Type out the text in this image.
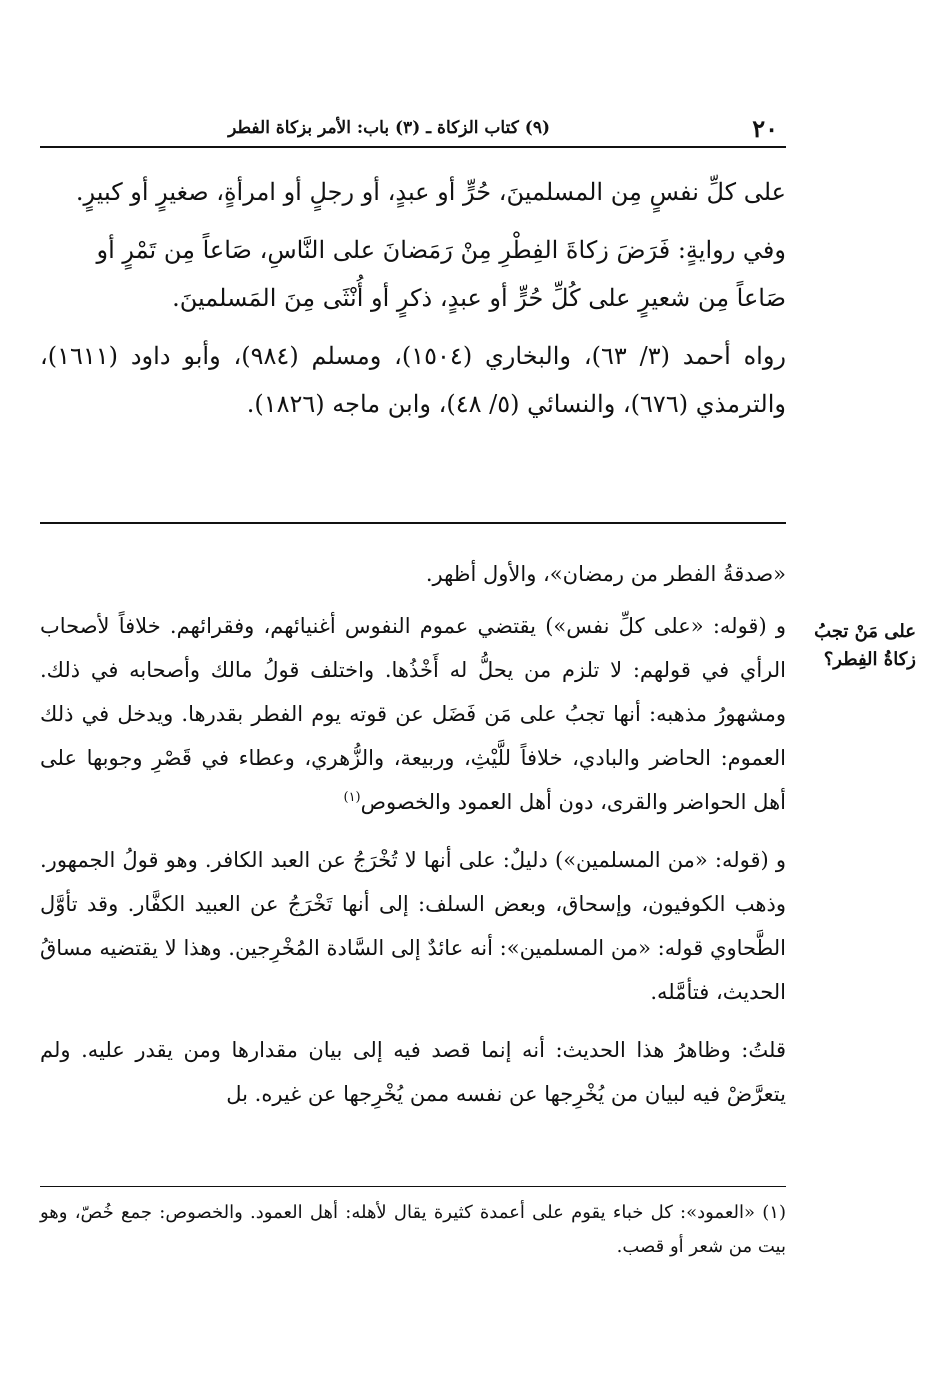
٢٠
(٩) كتاب الزكاة ـ (٣) باب: الأمر بزكاة الفطر

على كلِّ نفسٍ مِن المسلمينَ، حُرٍّ أو عبدٍ، أو رجلٍ أو امرأةٍ، صغيرٍ أو كبيرٍ.

وفي روايةٍ: فَرَضَ زكاةَ الفِطْرِ مِنْ رَمَضانَ على النَّاسِ، صَاعاً مِن تَمْرٍ أو صَاعاً مِن شعيرٍ على كُلِّ حُرٍّ أو عبدٍ، ذكرٍ أو أُنْثَى مِنَ المَسلمينَ.

رواه أحمد (٣/ ٦٣)، والبخاري (١٥٠٤)، ومسلم (٩٨٤)، وأبو داود (١٦١١)، والترمذي (٦٧٦)، والنسائي (٥/ ٤٨)، وابن ماجه (١٨٢٦).

على مَنْ تجبُ زكاةُ الفِطر؟

«صدقةُ الفطر من رمضان»، والأول أظهر.

و (قوله: «على كلِّ نفس») يقتضي عموم النفوس أغنيائهم، وفقرائهم. خلافاً لأصحاب الرأي في قولهم: لا تلزم من يحلُّ له أَخْذُها. واختلف قولُ مالك وأصحابه في ذلك. ومشهورُ مذهبه: أنها تجبُ على مَن فَضَل عن قوته يوم الفطر بقدرها. ويدخل في ذلك العموم: الحاضر والبادي، خلافاً للَّيْثِ، وربيعة، والزُّهري، وعطاء في قَصْرِ وجوبها على أهل الحواضر والقرى، دون أهل العمود والخصوص$^{(١)}$

و (قوله: «من المسلمين») دليلٌ: على أنها لا تُخْرَجُ عن العبد الكافر. وهو قولُ الجمهور. وذهب الكوفيون، وإسحاق، وبعض السلف: إلى أنها تَخْرَجُ عن العبيد الكفَّار. وقد تأوَّل الطَّحاوي قوله: «من المسلمين»: أنه عائدٌ إلى السَّادة المُخْرِجين. وهذا لا يقتضيه مساقُ الحديث، فتأمَّله.

قلتُ: وظاهرُ هذا الحديث: أنه إنما قصد فيه إلى بيان مقدارها ومن يقدر عليه. ولم يتعرَّضْ فيه لبيان من يُخْرِجها عن نفسه ممن يُخْرِجها عن غيره. بل

(١) «العمود»: كل خباء يقوم على أعمدة كثيرة يقال لأهله: أهل العمود. والخصوص: جمع خُصّ، وهو بيت من شعر أو قصب.
